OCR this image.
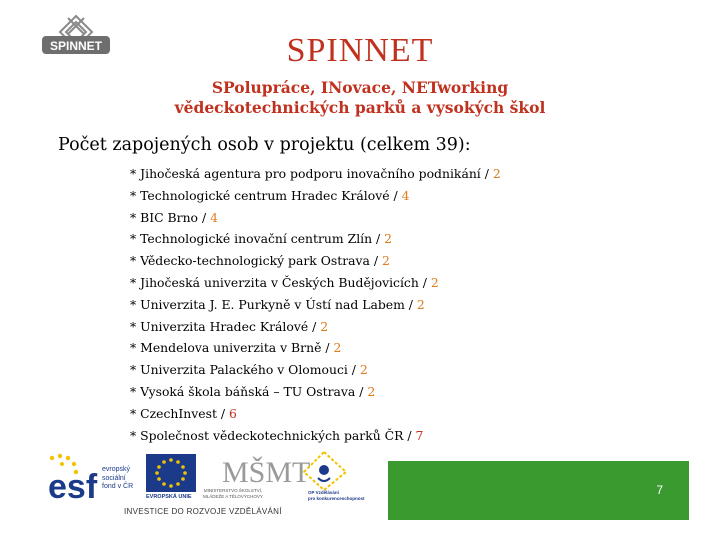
SPINNET	SPINNET
SPolupráce, INovace, NETworking
vědeckotechnických parků a vysokých škol
Počet zapojených osob v projektu (celkem 39):
* Jihočeská agentura pro podporu inovačního podnikání / 2
* Technologické centrum Hradec Králové / 4
* BIC Brno / 4
* Technologické inovační centrum Zlín / 2
* Vědecko-technologický park Ostrava / 2
* Jihočeská univerzita v Českých Budějovicích / 2
* Univerzita J. E. Purkyně v Ústí nad Labem / 2
* Univerzita Hradec Králové / 2
* Mendelova univerzita v Brně / 2
* Univerzita Palackého v Olomouci / 2
* Vysoká škola báňská – TU Ostrava / 2
* CzechInvest / 6
* Společnost vědeckotechnických parků ČR / 7
esf	MŠMT
evropský
sociální
fond v ČR
EVROPSKÁ UNIE
MINISTERSTVO ŠKOLSTVÍ,
MLÁDEŽE A TĚLOVÝCHOVY
OP Vzdělávání
pro konkurenceschopnost
INVESTICE DO ROZVOJE VZDĚLÁVÁNÍ
7
